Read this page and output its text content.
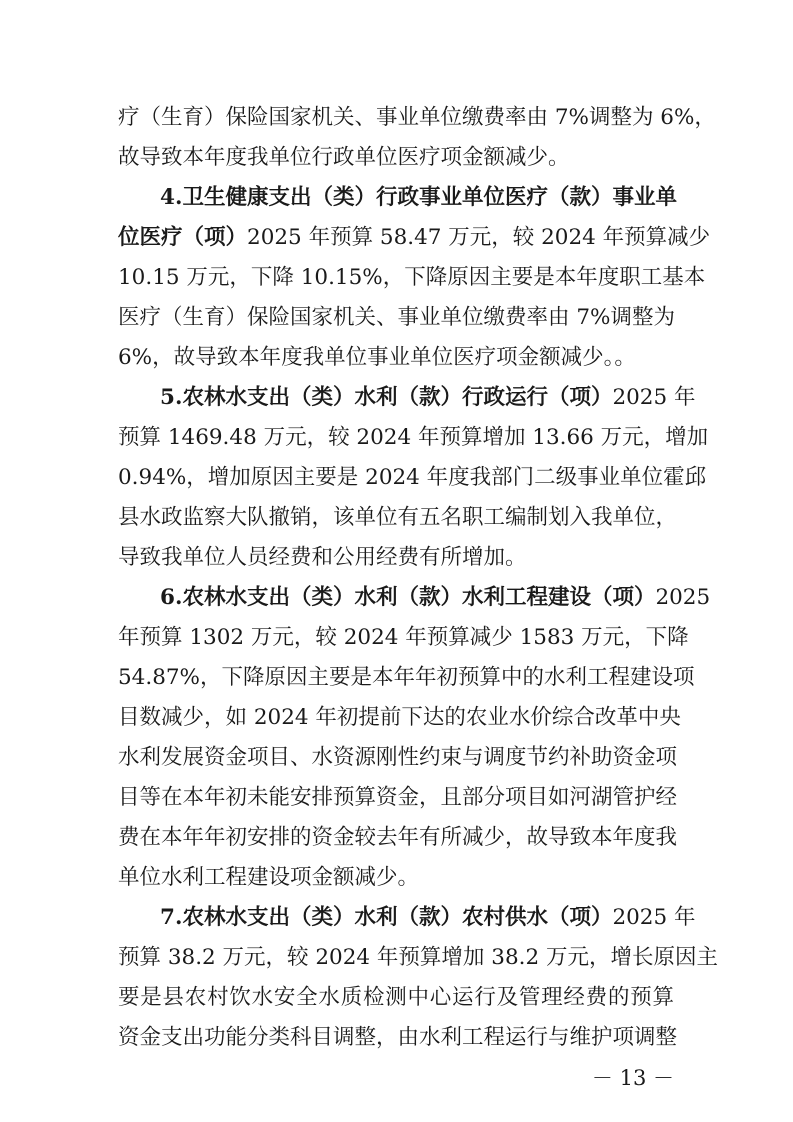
疗（生育）保险国家机关、事业单位缴费率由 7%调整为 6%，
故导致本年度我单位行政单位医疗项金额减少。
4.卫生健康支出（类）行政事业单位医疗（款）事业单
位医疗（项）2025 年预算 58.47 万元，较 2024 年预算减少
10.15 万元，下降 10.15%，下降原因主要是本年度职工基本
医疗（生育）保险国家机关、事业单位缴费率由 7%调整为
6%，故导致本年度我单位事业单位医疗项金额减少。。
5.农林水支出（类）水利（款）行政运行（项）2025 年
预算 1469.48 万元，较 2024 年预算增加 13.66 万元，增加
0.94%，增加原因主要是 2024 年度我部门二级事业单位霍邱
县水政监察大队撤销，该单位有五名职工编制划入我单位，
导致我单位人员经费和公用经费有所增加。
6.农林水支出（类）水利（款）水利工程建设（项）2025
年预算 1302 万元，较 2024 年预算减少 1583 万元，下降
54.87%，下降原因主要是本年年初预算中的水利工程建设项
目数减少，如 2024 年初提前下达的农业水价综合改革中央
水利发展资金项目、水资源刚性约束与调度节约补助资金项
目等在本年初未能安排预算资金，且部分项目如河湖管护经
费在本年年初安排的资金较去年有所减少，故导致本年度我
单位水利工程建设项金额减少。
7.农林水支出（类）水利（款）农村供水（项）2025 年
预算 38.2 万元，较 2024 年预算增加 38.2 万元，增长原因主
要是县农村饮水安全水质检测中心运行及管理经费的预算
资金支出功能分类科目调整，由水利工程运行与维护项调整
－ 13 －
